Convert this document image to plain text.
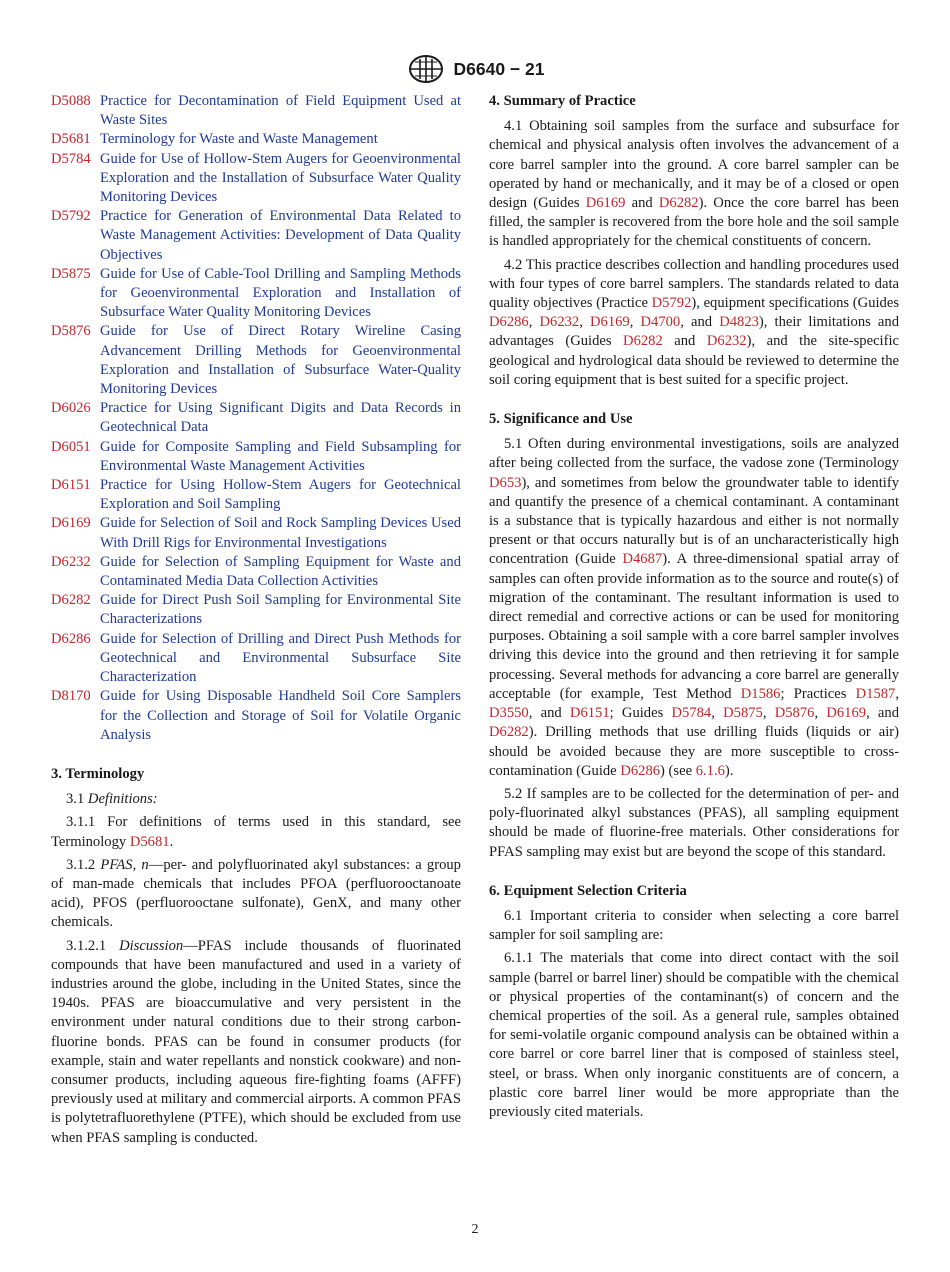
D6640 − 21
D5088 Practice for Decontamination of Field Equipment Used at Waste Sites
D5681 Terminology for Waste and Waste Management
D5784 Guide for Use of Hollow-Stem Augers for Geoenvironmental Exploration and the Installation of Subsurface Water Quality Monitoring Devices
D5792 Practice for Generation of Environmental Data Related to Waste Management Activities: Development of Data Quality Objectives
D5875 Guide for Use of Cable-Tool Drilling and Sampling Methods for Geoenvironmental Exploration and Installation of Subsurface Water Quality Monitoring Devices
D5876 Guide for Use of Direct Rotary Wireline Casing Advancement Drilling Methods for Geoenvironmental Exploration and Installation of Subsurface Water-Quality Monitoring Devices
D6026 Practice for Using Significant Digits and Data Records in Geotechnical Data
D6051 Guide for Composite Sampling and Field Subsampling for Environmental Waste Management Activities
D6151 Practice for Using Hollow-Stem Augers for Geotechnical Exploration and Soil Sampling
D6169 Guide for Selection of Soil and Rock Sampling Devices Used With Drill Rigs for Environmental Investigations
D6232 Guide for Selection of Sampling Equipment for Waste and Contaminated Media Data Collection Activities
D6282 Guide for Direct Push Soil Sampling for Environmental Site Characterizations
D6286 Guide for Selection of Drilling and Direct Push Methods for Geotechnical and Environmental Subsurface Site Characterization
D8170 Guide for Using Disposable Handheld Soil Core Samplers for the Collection and Storage of Soil for Volatile Organic Analysis
3. Terminology

3.1 Definitions:

3.1.1 For definitions of terms used in this standard, see Terminology D5681.

3.1.2 PFAS, n—per- and polyfluorinated akyl substances: a group of man-made chemicals that includes PFOA (perfluorooctanoate acid), PFOS (perfluorooctane sulfonate), GenX, and many other chemicals.

3.1.2.1 Discussion—PFAS include thousands of fluorinated compounds that have been manufactured and used in a variety of industries around the globe, including in the United States, since the 1940s. PFAS are bioaccumulative and very persistent in the environment under natural conditions due to their strong carbon-fluorine bonds. PFAS can be found in consumer products (for example, stain and water repellants and nonstick cookware) and non-consumer products, including aqueous fire-fighting foams (AFFF) previously used at military and commercial airports. A common PFAS is polytetrafluorethylene (PTFE), which should be excluded from use when PFAS sampling is conducted.

4. Summary of Practice

4.1 Obtaining soil samples from the surface and subsurface for chemical and physical analysis often involves the advancement of a core barrel sampler into the ground. A core barrel sampler can be operated by hand or mechanically, and it may be of a closed or open design (Guides D6169 and D6282). Once the core barrel has been filled, the sampler is recovered from the bore hole and the soil sample is handled appropriately for the chemical constituents of concern.

4.2 This practice describes collection and handling procedures used with four types of core barrel samplers. The standards related to data quality objectives (Practice D5792), equipment specifications (Guides D6286, D6232, D6169, D4700, and D4823), their limitations and advantages (Guides D6282 and D6232), and the site-specific geological and hydrological data should be reviewed to determine the soil coring equipment that is best suited for a specific project.

5. Significance and Use

5.1 Often during environmental investigations, soils are analyzed after being collected from the surface, the vadose zone (Terminology D653), and sometimes from below the groundwater table to identify and quantify the presence of a chemical contaminant. A contaminant is a substance that is typically hazardous and either is not normally present or that occurs naturally but is of an uncharacteristically high concentration (Guide D4687). A three-dimensional spatial array of samples can often provide information as to the source and route(s) of migration of the contaminant. The resultant information is used to direct remedial and corrective actions or can be used for monitoring purposes. Obtaining a soil sample with a core barrel sampler involves driving this device into the ground and then retrieving it for sample processing. Several methods for advancing a core barrel are generally acceptable (for example, Test Method D1586; Practices D1587, D3550, and D6151; Guides D5784, D5875, D5876, D6169, and D6282). Drilling methods that use drilling fluids (liquids or air) should be avoided because they are more susceptible to cross-contamination (Guide D6286) (see 6.1.6).

5.2 If samples are to be collected for the determination of per- and poly-fluorinated alkyl substances (PFAS), all sampling equipment should be made of fluorine-free materials. Other considerations for PFAS sampling may exist but are beyond the scope of this standard.

6. Equipment Selection Criteria

6.1 Important criteria to consider when selecting a core barrel sampler for soil sampling are:

6.1.1 The materials that come into direct contact with the soil sample (barrel or barrel liner) should be compatible with the chemical or physical properties of the contaminant(s) of concern and the chemical properties of the soil. As a general rule, samples obtained for semi-volatile organic compound analysis can be obtained within a core barrel or core barrel liner that is composed of stainless steel, steel, or brass. When only inorganic constituents are of concern, a plastic core barrel liner would be more appropriate than the previously cited materials.

2
